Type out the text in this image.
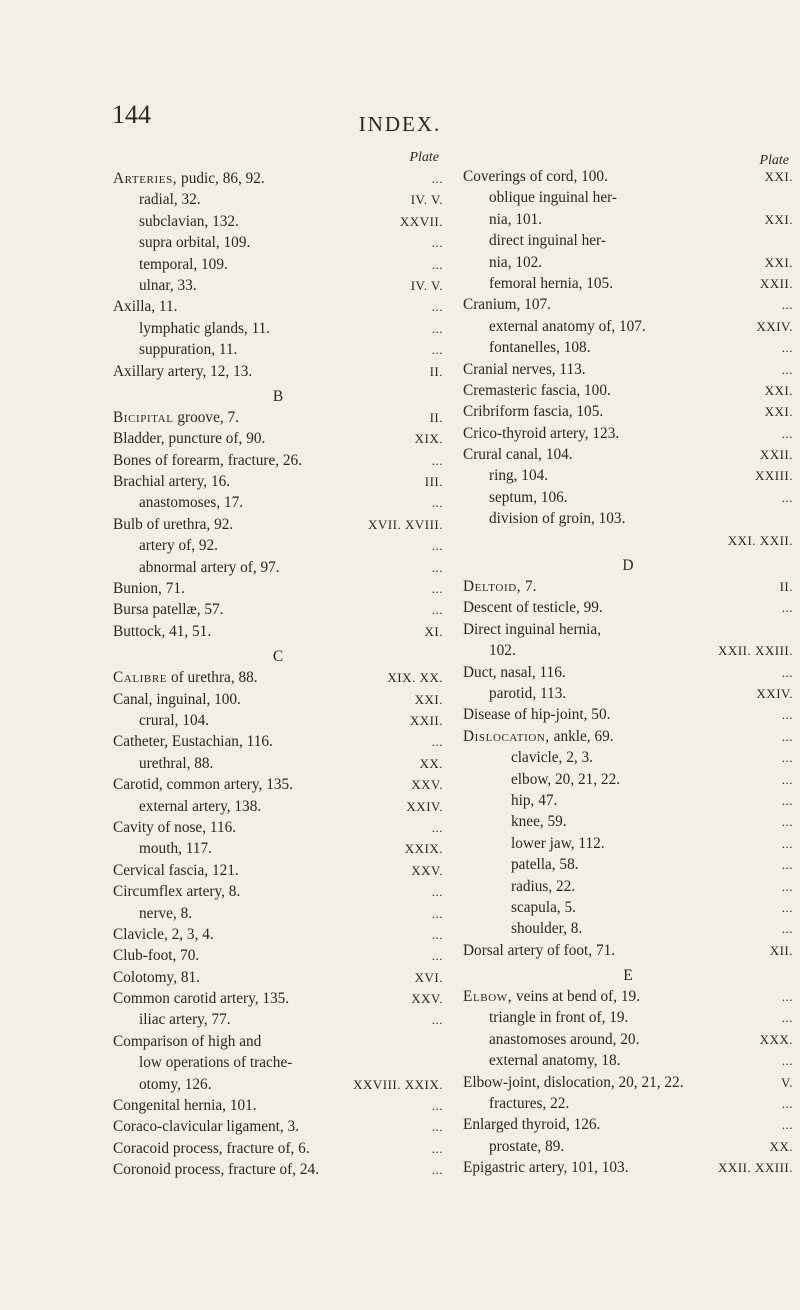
144	INDEX.
Plate
Arteries, pudic, 86, 92.	...
radial, 32.	IV. V.
subclavian, 132.	XXVII.
supra orbital, 109.	...
temporal, 109.	...
ulnar, 33.	IV. V.
Axilla, 11.	...
lymphatic glands, 11.	...
suppuration, 11.	...
Axillary artery, 12, 13.	II.
B
Bicipital groove, 7.	II.
Bladder, puncture of, 90.	XIX.
Bones of forearm, fracture, 26.	...
Brachial artery, 16.	III.
anastomoses, 17.	...
Bulb of urethra, 92.	XVII. XVIII.
artery of, 92.	...
abnormal artery of, 97.	...
Bunion, 71.	...
Bursa patellæ, 57.	...
Buttock, 41, 51.	XI.
C
Calibre of urethra, 88.	XIX. XX.
Canal, inguinal, 100.	XXI.
crural, 104.	XXII.
Catheter, Eustachian, 116.	...
urethral, 88.	XX.
Carotid, common artery, 135.	XXV.
external artery, 138.	XXIV.
Cavity of nose, 116.	...
mouth, 117.	XXIX.
Cervical fascia, 121.	XXV.
Circumflex artery, 8.	...
nerve, 8.	...
Clavicle, 2, 3, 4.	...
Club-foot, 70.	...
Colotomy, 81.	XVI.
Common carotid artery, 135.	XXV.
iliac artery, 77.	...
Comparison of high and
low operations of trache-
otomy, 126.	XXVIII. XXIX.
Congenital hernia, 101.	...
Coraco-clavicular ligament, 3.	...
Coracoid process, fracture of, 6.	...
Coronoid process, fracture of, 24.	...
Plate
Coverings of cord, 100.	XXI.
oblique inguinal her-
nia, 101.	XXI.
direct inguinal her-
nia, 102.	XXI.
femoral hernia, 105.	XXII.
Cranium, 107.	...
external anatomy of, 107.	XXIV.
fontanelles, 108.	...
Cranial nerves, 113.	...
Cremasteric fascia, 100.	XXI.
Cribriform fascia, 105.	XXI.
Crico-thyroid artery, 123.	...
Crural canal, 104.	XXII.
ring, 104.	XXIII.
septum, 106.	...
division of groin, 103.
XXI. XXII.
D
Deltoid, 7.	II.
Descent of testicle, 99.	...
Direct inguinal hernia,
102.	XXII. XXIII.
Duct, nasal, 116.	...
parotid, 113.	XXIV.
Disease of hip-joint, 50.	...
Dislocation, ankle, 69.	...
clavicle, 2, 3.	...
elbow, 20, 21, 22.	...
hip, 47.	...
knee, 59.	...
lower jaw, 112.	...
patella, 58.	...
radius, 22.	...
scapula, 5.	...
shoulder, 8.	...
Dorsal artery of foot, 71.	XII.
E
Elbow, veins at bend of, 19.	...
triangle in front of, 19.	...
anastomoses around, 20.	XXX.
external anatomy, 18.	...
Elbow-joint, dislocation, 20, 21, 22.	V.
fractures, 22.	...
Enlarged thyroid, 126.	...
prostate, 89.	XX.
Epigastric artery, 101, 103.	XXII. XXIII.
